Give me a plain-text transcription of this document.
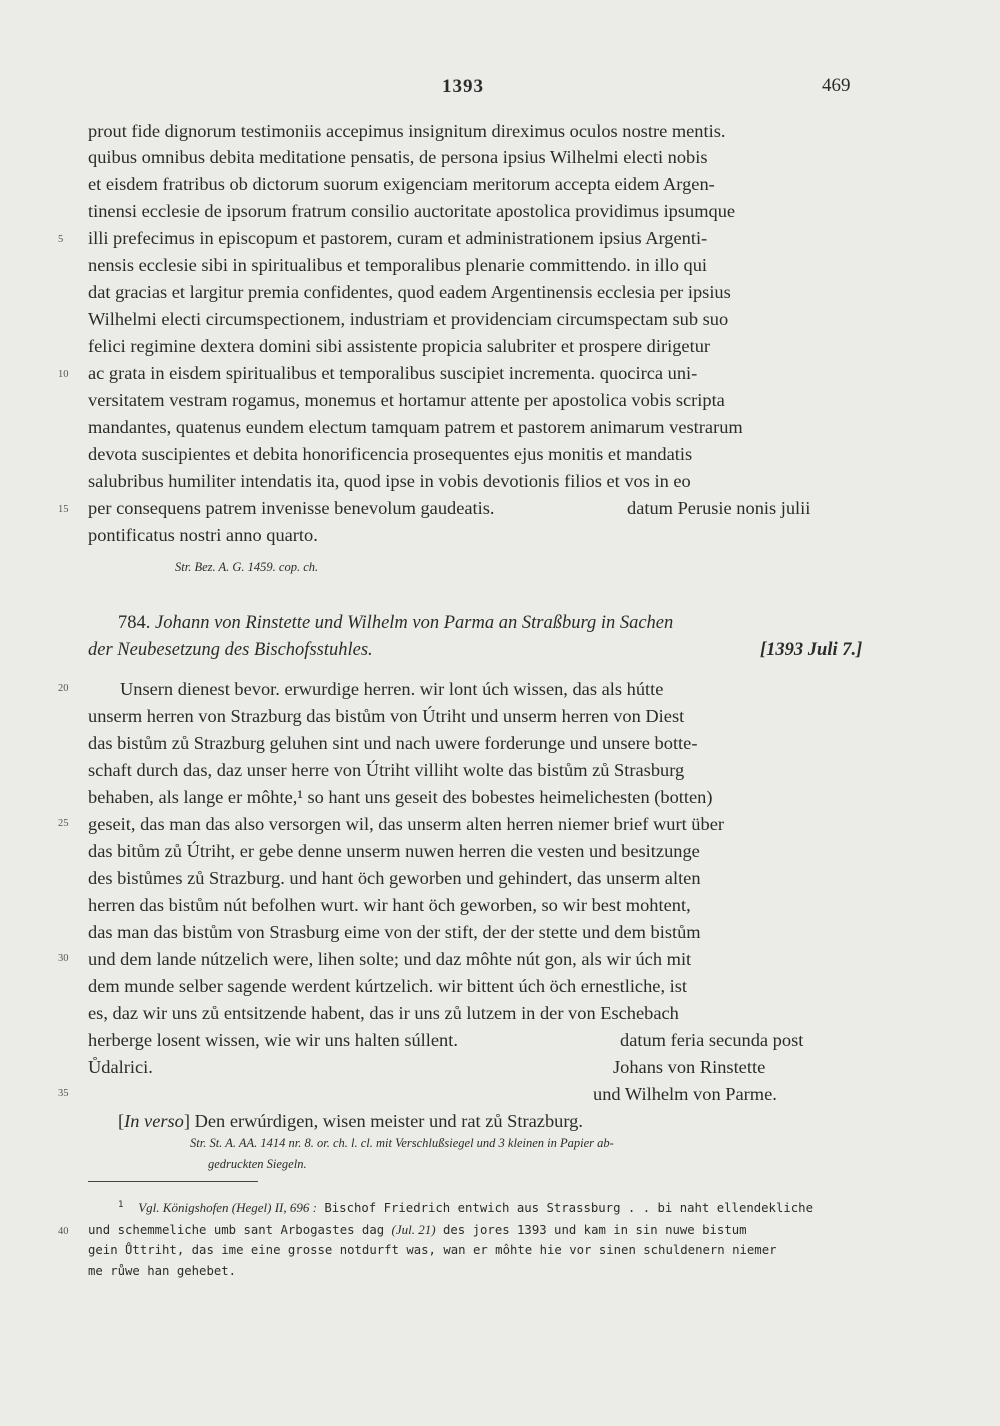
1393	469
prout fide dignorum testimoniis accepimus insignitum direximus oculos nostre mentis.
quibus omnibus debita meditatione pensatis, de persona ipsius Wilhelmi electi nobis
et eisdem fratribus ob dictorum suorum exigenciam meritorum accepta eidem Argen-
tinensi ecclesie de ipsorum fratrum consilio auctoritate apostolica providimus ipsumque
illi prefecimus in episcopum et pastorem, curam et administrationem ipsius Argenti-
nensis ecclesie sibi in spiritualibus et temporalibus plenarie committendo. in illo qui
dat gracias et largitur premia confidentes, quod eadem Argentinensis ecclesia per ipsius
Wilhelmi electi circumspectionem, industriam et providenciam circumspectam sub suo
felici regimine dextera domini sibi assistente propicia salubriter et prospere dirigetur
ac grata in eisdem spiritualibus et temporalibus suscipiet incrementa. quocirca uni-
versitatem vestram rogamus, monemus et hortamur attente per apostolica vobis scripta
mandantes, quatenus eundem electum tamquam patrem et pastorem animarum vestrarum
devota suscipientes et debita honorificencia prosequentes ejus monitis et mandatis
salubribus humiliter intendatis ita, quod ipse in vobis devotionis filios et vos in eo
per consequens patrem invenisse benevolum gaudeatis.	datum Perusie nonis julii
pontificatus nostri anno quarto.
Str. Bez. A. G. 1459. cop. ch.
784. Johann von Rinstette und Wilhelm von Parma an Straßburg in Sachen
der Neubesetzung des Bischofsstuhles.	[1393 Juli 7.]
Unsern dienest bevor. erwurdige herren. wir lont úch wissen, das als hútte
unserm herren von Strazburg das bistům von Útriht und unserm herren von Diest
das bistům zů Strazburg geluhen sint und nach uwere forderunge und unsere botte-
schaft durch das, daz unser herre von Útriht villiht wolte das bistům zů Strasburg
behaben, als lange er môhte,¹ so hant uns geseit des bobestes heimelichesten (botten)
geseit, das man das also versorgen wil, das unserm alten herren niemer brief wurt über
das bitům zů Útriht, er gebe denne unserm nuwen herren die vesten und besitzunge
des bistůmes zů Strazburg. und hant öch geworben und gehindert, das unserm alten
herren das bistům nút befolhen wurt. wir hant öch geworben, so wir best mohtent,
das man das bistům von Strasburg eime von der stift, der der stette und dem bistům
und dem lande nútzelich were, lihen solte; und daz môhte nút gon, als wir úch mit
dem munde selber sagende werdent kúrtzelich. wir bittent úch öch ernestliche, ist
es, daz wir uns zů entsitzende habent, das ir uns zů lutzem in der von Eschebach
herberge losent wissen, wie wir uns halten súllent.	datum feria secunda post
Ůdalrici.	Johans von Rinstette
und Wilhelm von Parme.
[In verso] Den erwúrdigen, wisen meister und rat zů Strazburg.
Str. St. A. AA. 1414 nr. 8. or. ch. l. cl. mit Verschlußsiegel und 3 kleinen in Papier ab-
gedruckten Siegeln.
$^1$ Vgl. Königshofen (Hegel) II, 696 : Bischof Friedrich entwich aus Strassburg . . bi naht ellendekliche
und schemmeliche umb sant Arbogastes dag (Jul. 21) des jores 1393 und kam in sin nuwe bistum
gein Ůttriht, das ime eine grosse notdurft was, wan er môhte hie vor sinen schuldenern niemer
me růwe han gehebet.
5
10
15
20
25
30
35
40
